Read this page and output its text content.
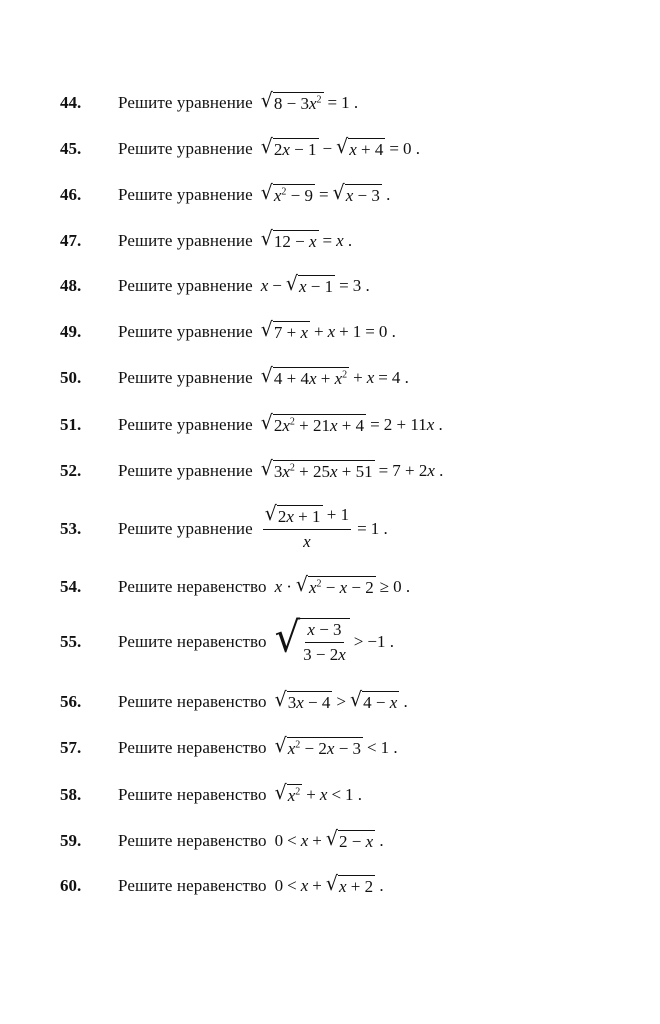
44.	Решите уравнение √ $8 - 3x^2 = 1$ .
45.	Решите уравнение √ 2x − 1 − √ x + 4 = 0 .
46.	Решите уравнение √ $x^2 - 9$ = √ x − 3 .
47.	Решите уравнение √ 12 − x = x .
48.	Решите уравнение x − √ x − 1 = 3 .
49.	Решите уравнение √ 7 + x + x + 1 = 0 .
50.	Решите уравнение √ $4 + 4x + x^2 + x = 4$ .
51.	Решите уравнение √ $2x^2 + 21x + 4 = 2 + 11$ x .
52.	Решите уравнение √ $3x^2 + 25x + 51 = 7 + 2$ x .
53.	Решите уравнение $\frac{√ 2x + 1 + 1}{x} = 1$ .
54.	Решите неравенство x · √ $x^2 - x - 2 \ge 0$ .
55.	Решите неравенство √ $\frac{x - 3}{3 - 2x} > -1$ .
56.	Решите неравенство √ 3x − 4 > √ 4 − x .
57.	Решите неравенство √ $x^2 - 2x - 3 < 1$ .
58.	Решите неравенство √ $x^2 + x < 1$ .
59.	Решите неравенство 0 < x + √ 2 − x .
60.	Решите неравенство 0 < x + √ x + 2 .
